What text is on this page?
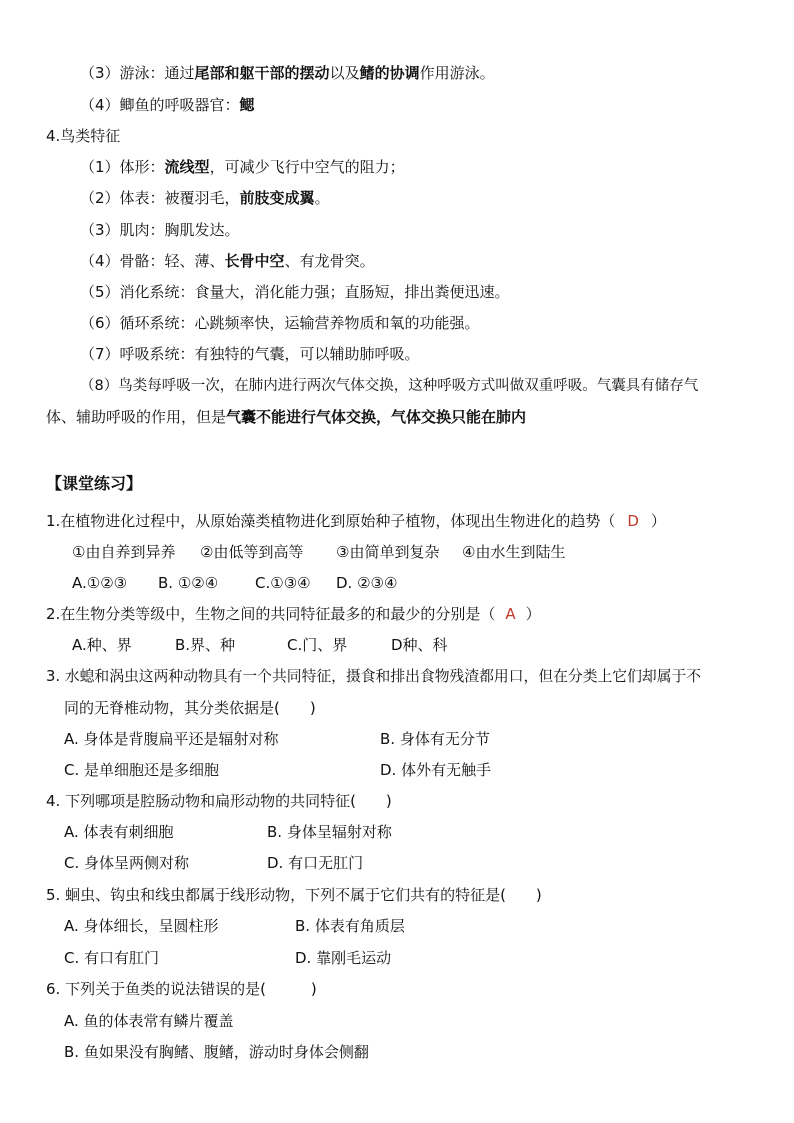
（3）游泳：通过尾部和躯干部的摆动以及鳍的协调作用游泳。
（4）鲫鱼的呼吸器官：鳃
4.鸟类特征
（1）体形：流线型，可减少飞行中空气的阻力；
（2）体表：被覆羽毛，前肢变成翼。
（3）肌肉：胸肌发达。
（4）骨骼：轻、薄、长骨中空、有龙骨突。
（5）消化系统：食量大，消化能力强；直肠短，排出粪便迅速。
（6）循环系统：心跳频率快，运输营养物质和氧的功能强。
（7）呼吸系统：有独特的气囊，可以辅助肺呼吸。
（8）鸟类每呼吸一次，在肺内进行两次气体交换，这种呼吸方式叫做双重呼吸。气囊具有储存气
体、辅助呼吸的作用，但是气囊不能进行气体交换，气体交换只能在肺内
【课堂练习】
1.在植物进化过程中，从原始藻类植物进化到原始种子植物，体现出生物进化的趋势（ D ）
①由自养到异养 ②由低等到高等 ③由简单到复杂 ④由水生到陆生
A.①②③ B. ①②④ C.①③④ D. ②③④
2.在生物分类等级中，生物之间的共同特征最多的和最少的分别是（ A ）
A.种、界	B.界、种	C.门、界	D种、科
3. 水螅和涡虫这两种动物具有一个共同特征，摄食和排出食物残渣都用口，但在分类上它们却属于不
同的无脊椎动物，其分类依据是(　　)
A. 身体是背腹扁平还是辐射对称	B. 身体有无分节
C. 是单细胞还是多细胞	D. 体外有无触手
4. 下列哪项是腔肠动物和扁形动物的共同特征(　　)
A. 体表有刺细胞	B. 身体呈辐射对称
C. 身体呈两侧对称	D. 有口无肛门
5. 蛔虫、钩虫和线虫都属于线形动物，下列不属于它们共有的特征是(　　)
A. 身体细长，呈圆柱形	B. 体表有角质层
C. 有口有肛门	D. 靠刚毛运动
6. 下列关于鱼类的说法错误的是(　　　)
A. 鱼的体表常有鳞片覆盖
B. 鱼如果没有胸鳍、腹鳍，游动时身体会侧翻
